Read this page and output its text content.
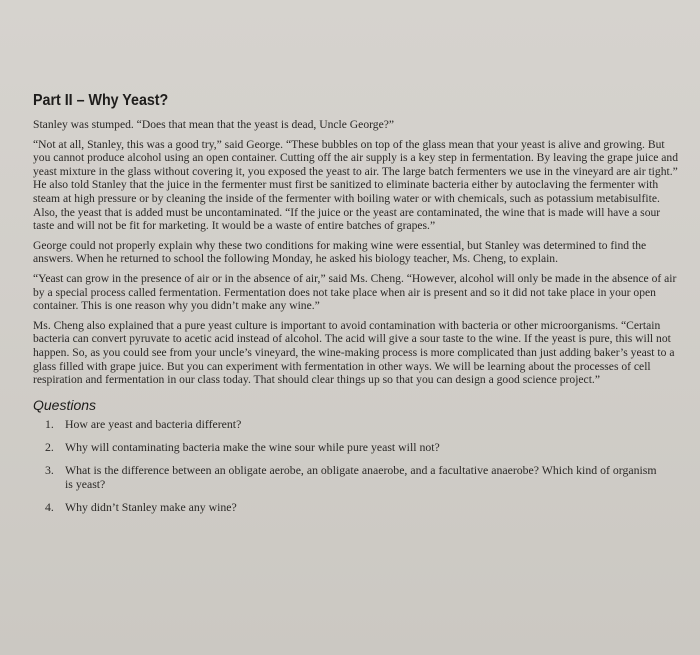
Part II – Why Yeast?

Stanley was stumped. “Does that mean that the yeast is dead, Uncle George?”

“Not at all, Stanley, this was a good try,” said George. “These bubbles on top of the glass mean that your yeast is alive and growing. But you cannot produce alcohol using an open container. Cutting off the air supply is a key step in fermentation. By leaving the grape juice and yeast mixture in the glass without covering it, you exposed the yeast to air. The large batch fermenters we use in the vineyard are air tight.” He also told Stanley that the juice in the fermenter must first be sanitized to eliminate bacteria either by autoclaving the fermenter with steam at high pressure or by cleaning the inside of the fermenter with boiling water or with chemicals, such as potassium metabisulfite. Also, the yeast that is added must be uncontaminated. “If the juice or the yeast are contaminated, the wine that is made will have a sour taste and will not be fit for marketing. It would be a waste of entire batches of grapes.”

George could not properly explain why these two conditions for making wine were essential, but Stanley was determined to find the answers. When he returned to school the following Monday, he asked his biology teacher, Ms. Cheng, to explain.

“Yeast can grow in the presence of air or in the absence of air,” said Ms. Cheng. “However, alcohol will only be made in the absence of air by a special process called fermentation. Fermentation does not take place when air is present and so it did not take place in your open container. This is one reason why you didn’t make any wine.”

Ms. Cheng also explained that a pure yeast culture is important to avoid contamination with bacteria or other microorganisms. “Certain bacteria can convert pyruvate to acetic acid instead of alcohol. The acid will give a sour taste to the wine. If the yeast is pure, this will not happen. So, as you could see from your uncle’s vineyard, the wine-making process is more complicated than just adding baker’s yeast to a glass filled with grape juice. But you can experiment with fermentation in other ways. We will be learning about the processes of cell respiration and fermentation in our class today. That should clear things up so that you can design a good science project.”

Questions
1. How are yeast and bacteria different?
2. Why will contaminating bacteria make the wine sour while pure yeast will not?
3. What is the difference between an obligate aerobe, an obligate anaerobe, and a facultative anaerobe? Which kind of organism is yeast?
4. Why didn’t Stanley make any wine?
